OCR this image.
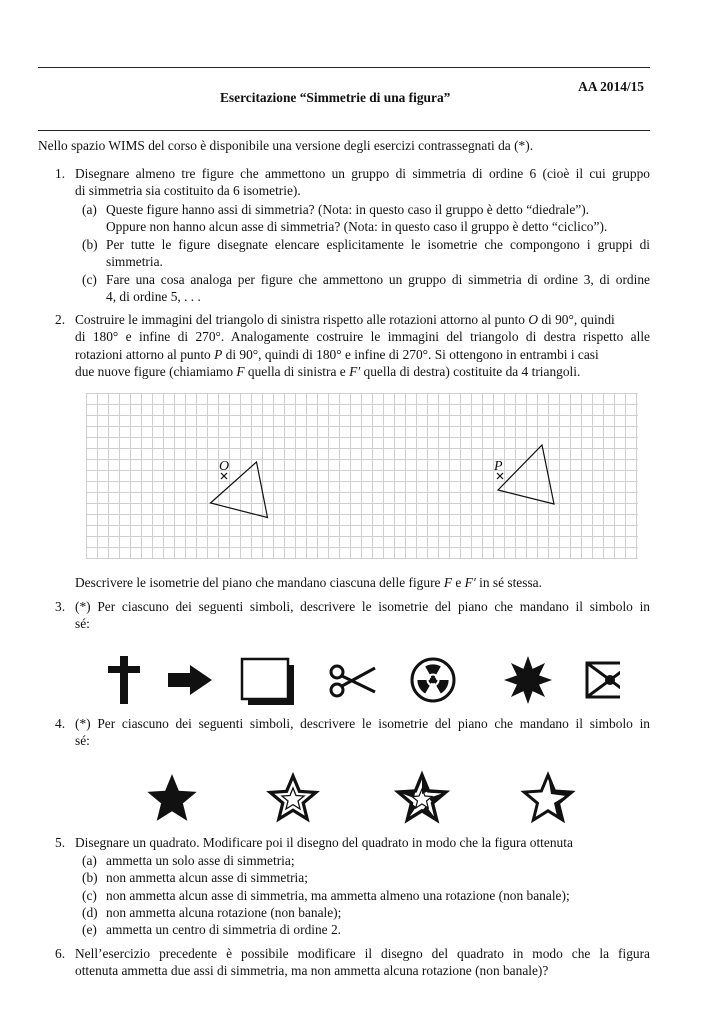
AA 2014/15
Esercitazione “Simmetrie di una figura”
Nello spazio WIMS del corso è disponibile una versione degli esercizi contrassegnati da (*).
1. Disegnare almeno tre figure che ammettono un gruppo di simmetria di ordine 6 (cioè il cui gruppo
di simmetria sia costituito da 6 isometrie).
(a) Queste figure hanno assi di simmetria? (Nota: in questo caso il gruppo è detto “diedrale”).
Oppure non hanno alcun asse di simmetria? (Nota: in questo caso il gruppo è detto “ciclico”).
(b) Per tutte le figure disegnate elencare esplicitamente le isometrie che compongono i gruppi di
simmetria.
(c) Fare una cosa analoga per figure che ammettono un gruppo di simmetria di ordine 3, di ordine
4, di ordine 5, . . .
2. Costruire le immagini del triangolo di sinistra rispetto alle rotazioni attorno al punto O di 90°, quindi
di 180° e infine di 270°. Analogamente costruire le immagini del triangolo di destra rispetto alle
rotazioni attorno al punto P di 90°, quindi di 180° e infine di 270°. Si ottengono in entrambi i casi
due nuove figure (chiamiamo F quella di sinistra e F′ quella di destra) costituite da 4 triangoli.
O	P
Descrivere le isometrie del piano che mandano ciascuna delle figure F e F′ in sé stessa.
3. (*) Per ciascuno dei seguenti simboli, descrivere le isometrie del piano che mandano il simbolo in
sé:
4. (*) Per ciascuno dei seguenti simboli, descrivere le isometrie del piano che mandano il simbolo in
sé:
5. Disegnare un quadrato. Modificare poi il disegno del quadrato in modo che la figura ottenuta
(a) ammetta un solo asse di simmetria;
(b) non ammetta alcun asse di simmetria;
(c) non ammetta alcun asse di simmetria, ma ammetta almeno una rotazione (non banale);
(d) non ammetta alcuna rotazione (non banale);
(e) ammetta un centro di simmetria di ordine 2.
6. Nell’esercizio precedente è possibile modificare il disegno del quadrato in modo che la figura
ottenuta ammetta due assi di simmetria, ma non ammetta alcuna rotazione (non banale)?
